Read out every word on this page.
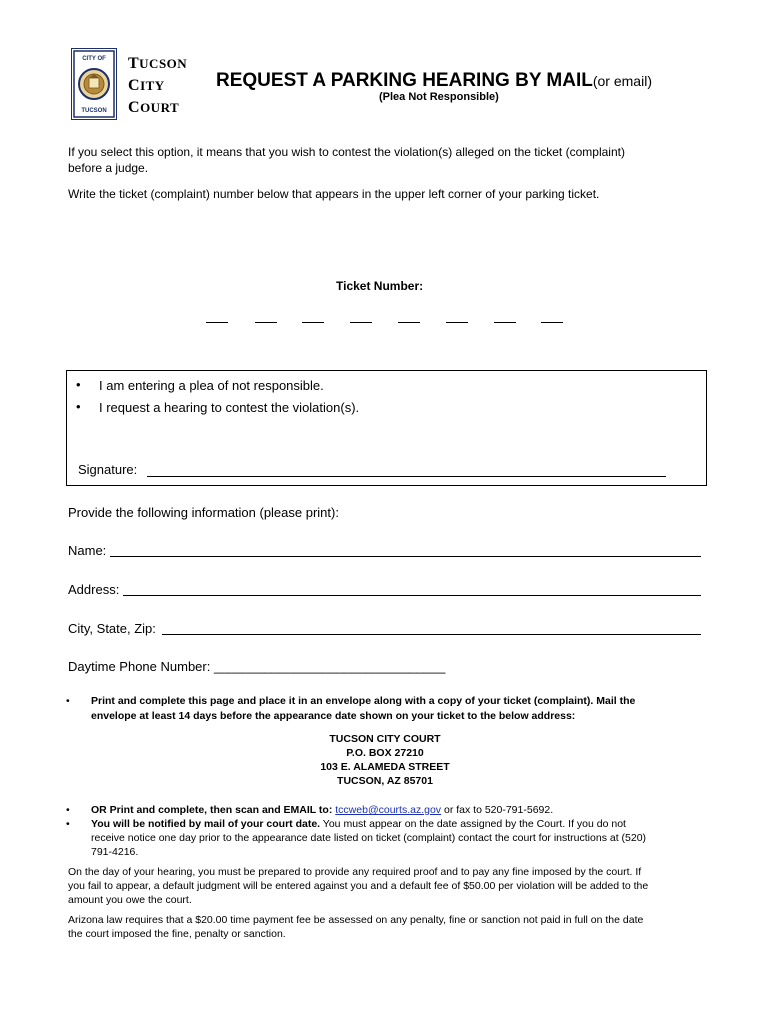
CITY OF
TUCSON
TUCSON
CITY
COURT
REQUEST A PARKING HEARING BY MAIL(or email)
(Plea Not Responsible)
If you select this option, it means that you wish to contest the violation(s) alleged on the ticket (complaint)
before a judge.
Write the ticket (complaint) number below that appears in the upper left corner of your parking ticket.
Ticket Number:
• I am entering a plea of not responsible.
• I request a hearing to contest the violation(s).
Signature:
Provide the following information (please print):
Name:
Address:
City, State, Zip:
Daytime Phone Number: ________________________________
• Print and complete this page and place it in an envelope along with a copy of your ticket (complaint). Mail the
envelope at least 14 days before the appearance date shown on your ticket to the below address:
TUCSON CITY COURT
P.O. BOX 27210
103 E. ALAMEDA STREET
TUCSON, AZ 85701
• OR Print and complete, then scan and EMAIL to: tccweb@courts.az.gov or fax to 520-791-5692.
• You will be notified by mail of your court date. You must appear on the date assigned by the Court. If you do not
receive notice one day prior to the appearance date listed on ticket (complaint) contact the court for instructions at (520)
791-4216.
On the day of your hearing, you must be prepared to provide any required proof and to pay any fine imposed by the court. If
you fail to appear, a default judgment will be entered against you and a default fee of $50.00 per violation will be added to the
amount you owe the court.
Arizona law requires that a $20.00 time payment fee be assessed on any penalty, fine or sanction not paid in full on the date
the court imposed the fine, penalty or sanction.
